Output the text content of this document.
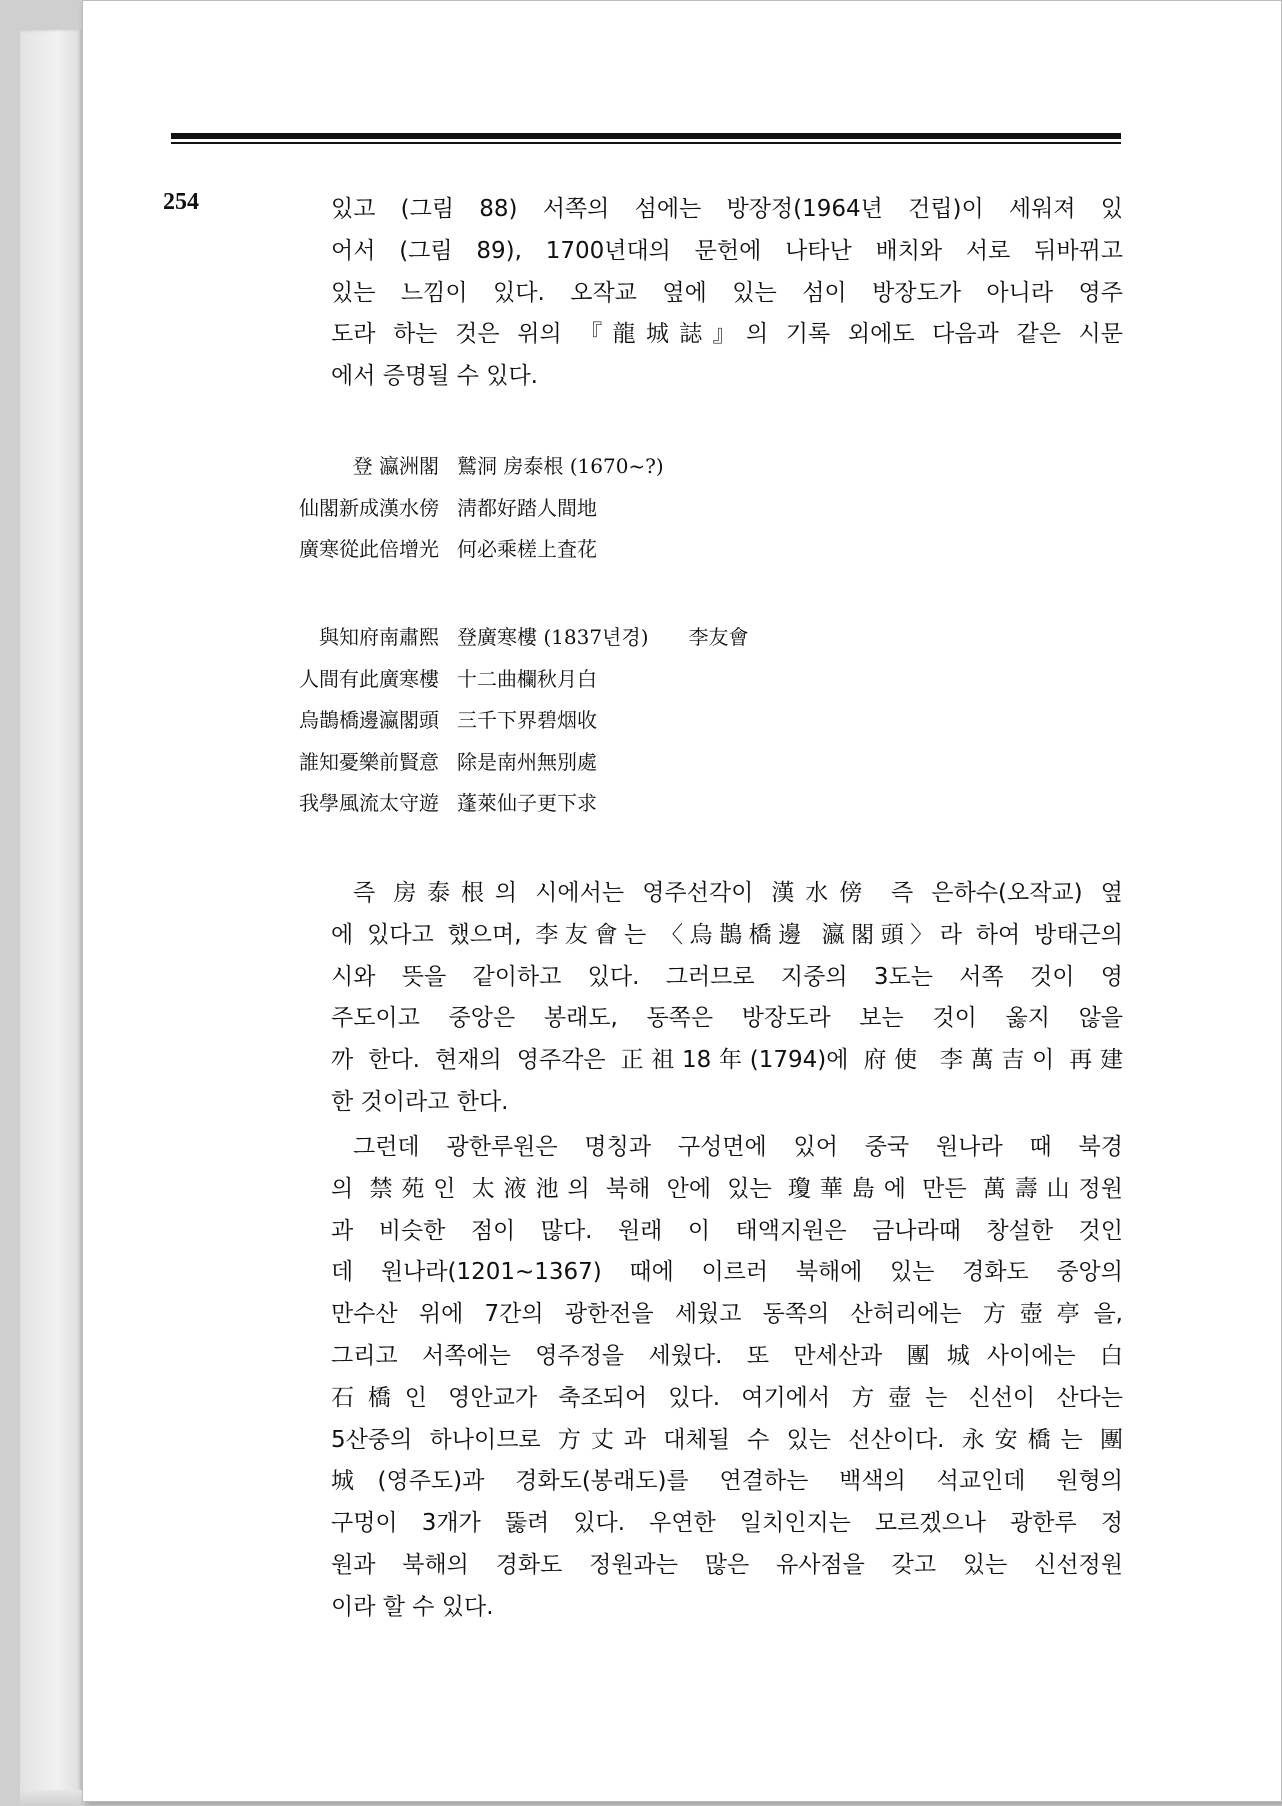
254	있고 (그림 88) 서쪽의 섬에는 방장정(1964년 건립)이 세워져 있
어서 (그림 89), 1700년대의 문헌에 나타난 배치와 서로 뒤바뀌고
있는 느낌이 있다. 오작교 옆에 있는 섬이 방장도가 아니라 영주
도라 하는 것은 위의 『龍城誌』의 기록 외에도 다음과 같은 시문
에서 증명될 수 있다.
登 瀛洲閣 鷲洞 房泰根 (1670~?)
仙閣新成漢水傍 淸都好踏人間地
廣寒從此倍增光 何必乘槎上査花
與知府南肅熙 登廣寒樓 (1837년경)　　李友會
人間有此廣寒樓 十二曲欄秋月白
烏鵲橋邊瀛閣頭 三千下界碧烟收
誰知憂樂前賢意 除是南州無別處
我學風流太守遊 蓬萊仙子更下求
즉 房泰根의 시에서는 영주선각이 漢水傍 즉 은하수(오작교) 옆
에 있다고 했으며, 李友會는 〈烏鵲橋邊 瀛閣頭〉라 하여 방태근의
시와 뜻을 같이하고 있다. 그러므로 지중의 3도는 서쪽 것이 영
주도이고 중앙은 봉래도, 동쪽은 방장도라 보는 것이 옳지 않을
까 한다. 현재의 영주각은 正祖18年(1794)에 府使 李萬吉이 再建
한 것이라고 한다.
그런데 광한루원은 명칭과 구성면에 있어 중국 원나라 때 북경
의 禁苑인 太液池의 북해 안에 있는 瓊華島에 만든 萬壽山정원
과 비슷한 점이 많다. 원래 이 태액지원은 금나라때 창설한 것인
데 원나라(1201~1367) 때에 이르러 북해에 있는 경화도 중앙의
만수산 위에 7간의 광한전을 세웠고 동쪽의 산허리에는 方壺亭을,
그리고 서쪽에는 영주정을 세웠다. 또 만세산과 團城사이에는 白
石橋인 영안교가 축조되어 있다. 여기에서 方壺는 신선이 산다는
5산중의 하나이므로 方丈과 대체될 수 있는 선산이다. 永安橋는 團
城(영주도)과 경화도(봉래도)를 연결하는 백색의 석교인데 원형의
구멍이 3개가 뚫려 있다. 우연한 일치인지는 모르겠으나 광한루 정
원과 북해의 경화도 정원과는 많은 유사점을 갖고 있는 신선정원
이라 할 수 있다.
